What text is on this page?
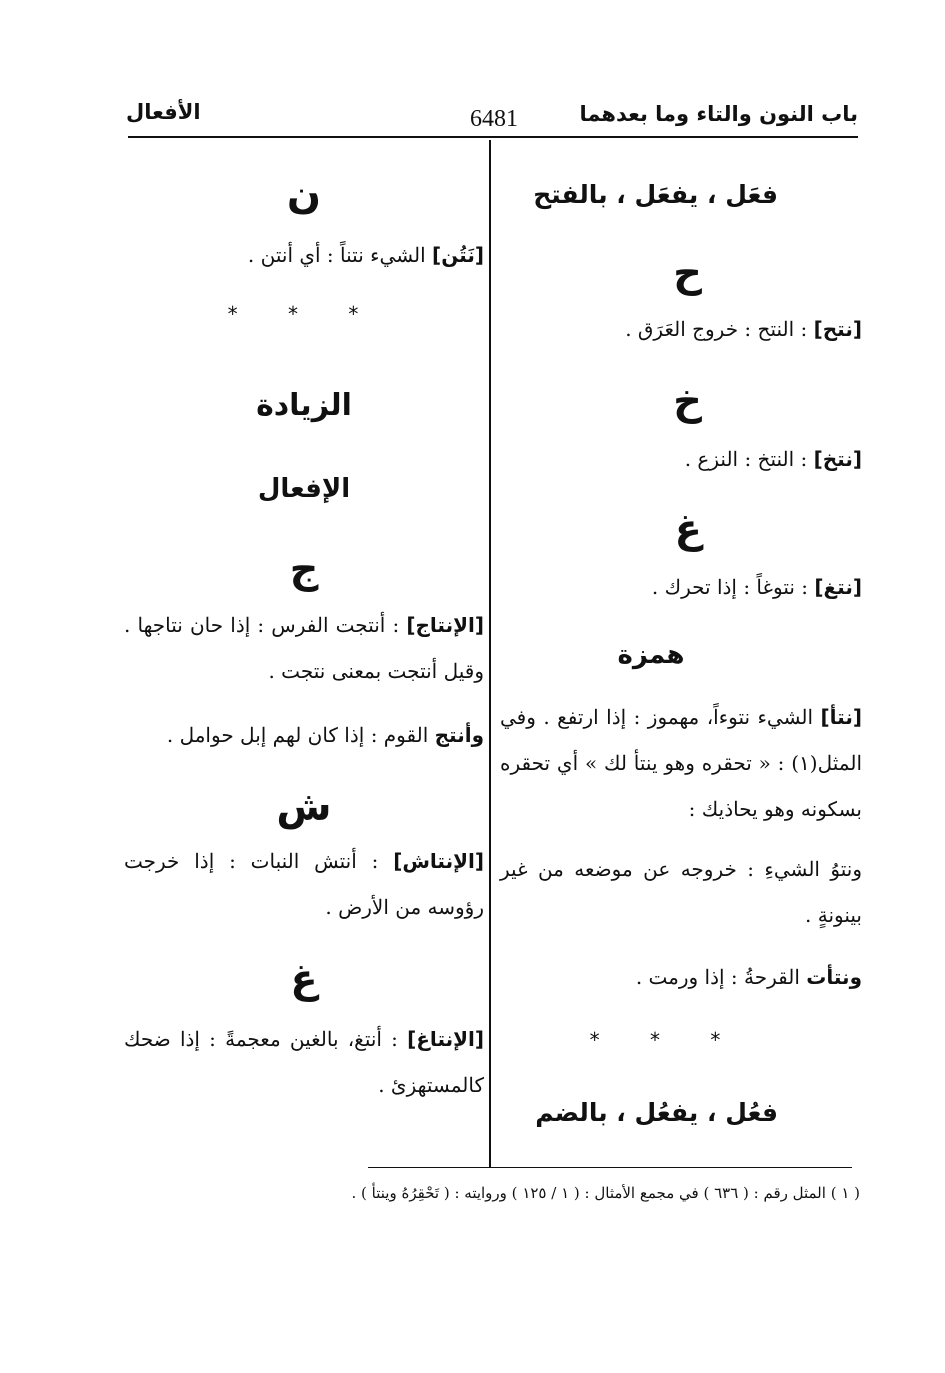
باب النون والتاء وما بعدهما
6481
الأفعال
فعَل ، يفعَل ، بالفتح
ح
[نتح] : النتح : خروج العَرَق .
خ
[نتخ] : النتخ : النزع .
غ
[نتغ] : نتوغاً : إذا تحرك .
همزة
[نتأ] الشيء نتوءاً، مهموز : إذا ارتفع . وفي المثل(١) : « تحقره وهو ينتأ لك » أي تحقره بسكونه وهو يحاذيك :
ونتوُ الشيءِ : خروجه عن موضعه من غير بينونةٍ .
ونتأت القرحةُ : إذا ورمت .
* * *
فعُل ، يفعُل ، بالضم
ن
[نَتُن] الشيء نتناً : أي أنتن .
* * *
الزيادة
الإفعال
ج
[الإنتاج] : أنتجت الفرس : إذا حان نتاجها . وقيل أنتجت بمعنى نتجت .
وأنتج القوم : إذا كان لهم إبل حوامل .
ش
[الإنتاش] : أنتش النبات : إذا خرجت رؤوسه من الأرض .
غ
[الإنتاغ] : أنتغ، بالغين معجمةً : إذا ضحك كالمستهزئ .
( ١ ) المثل رقم : ( ٦٣٦ ) في مجمع الأمثال : ( ١ / ١٢٥ ) وروايته : ( تَحْقِرُهُ وينتأ ) .
